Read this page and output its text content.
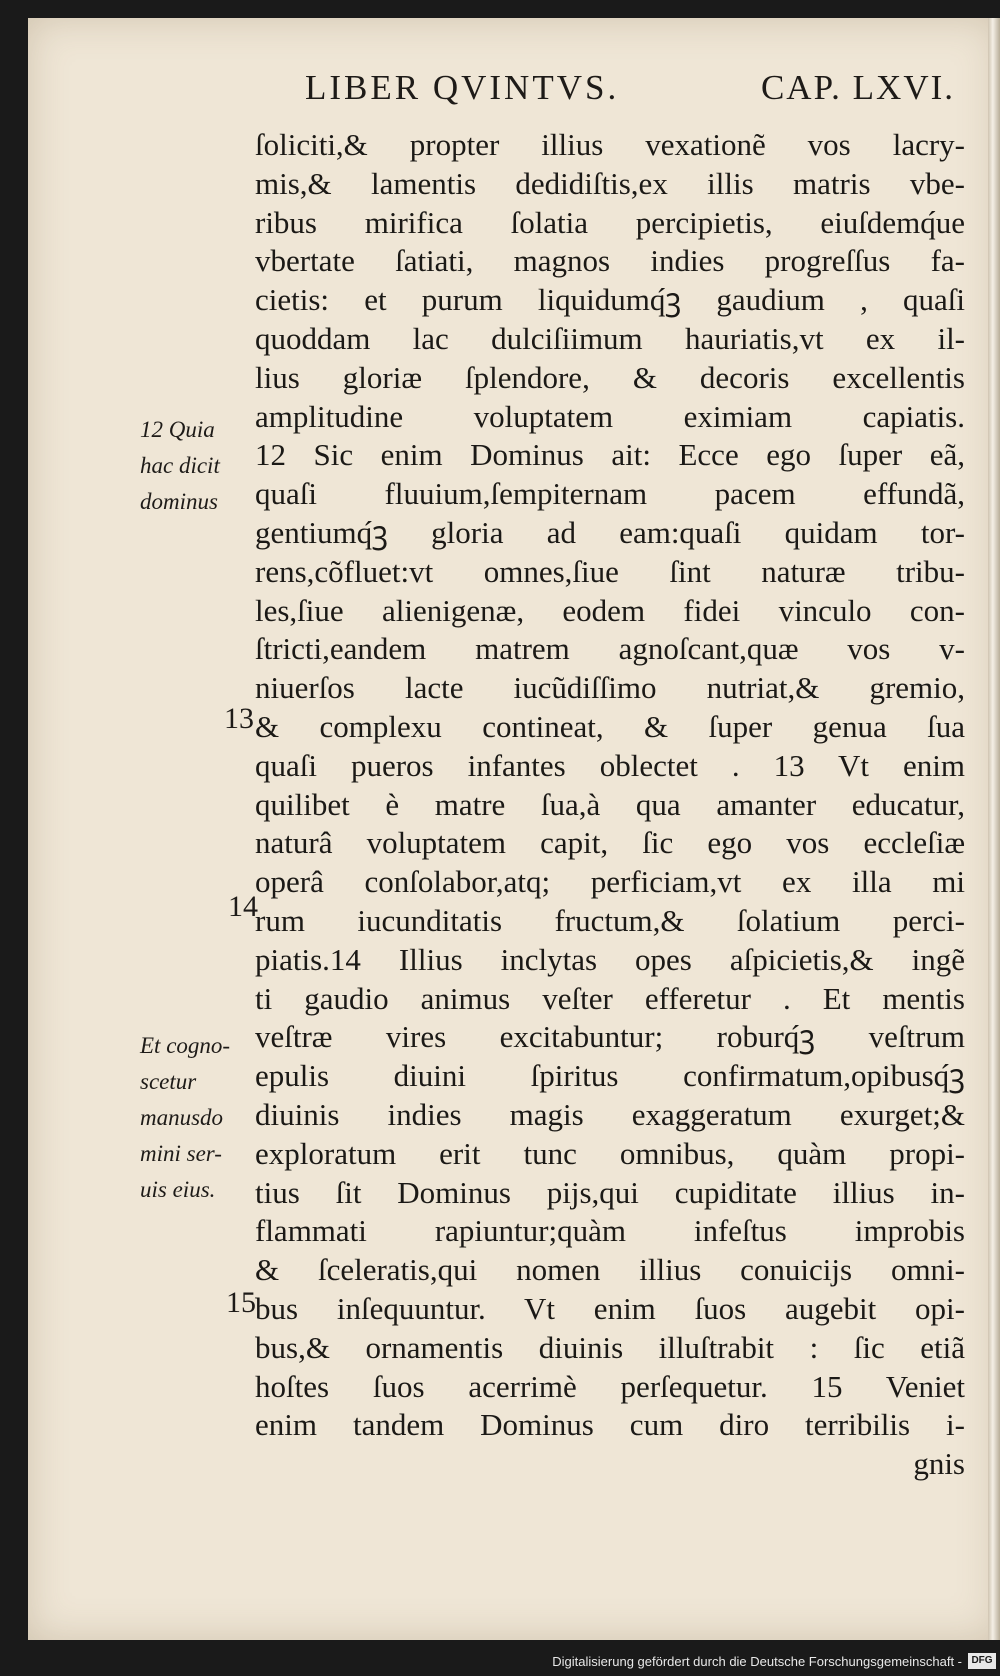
LIBER QVINTVS.	CAP. LXVI.
12 Quia
hac dicit
dominus
Et cogno-
scetur
manusdo
mini ser-
uis eius.
13
14
15
ſoliciti,& propter illius vexationẽ vos lacry-
mis,& lamentis dedidiſtis,ex illis matris vbe-
ribus mirifica ſolatia percipietis, eiuſdemq́ue
vbertate ſatiati, magnos indies progreſſus fa-
cietis: et purum liquidumq́ꝫ gaudium , quaſi
quoddam lac dulciſiimum hauriatis,vt ex il-
lius gloriæ ſplendore, & decoris excellentis
amplitudine voluptatem eximiam capiatis.
12 Sic enim Dominus ait: Ecce ego ſuper eã,
quaſi fluuium,ſempiternam pacem effundã,
gentiumq́ꝫ gloria ad eam:quaſi quidam tor-
rens,cõfluet:vt omnes,ſiue ſint naturæ tribu-
les,ſiue alienigenæ, eodem fidei vinculo con-
ſtricti,eandem matrem agnoſcant,quæ vos v-
niuerſos lacte iucũdiſſimo nutriat,& gremio,
& complexu contineat, & ſuper genua ſua
quaſi pueros infantes oblectet . 13 Vt enim
quilibet è matre ſua,à qua amanter educatur,
naturâ voluptatem capit, ſic ego vos eccleſiæ
operâ conſolabor,atq; perficiam,vt ex illa mi
rum iucunditatis fructum,& ſolatium perci-
piatis.14 Illius inclytas opes aſpicietis,& ingẽ
ti gaudio animus veſter efferetur . Et mentis
veſtræ vires excitabuntur; roburq́ꝫ veſtrum
epulis diuini ſpiritus confirmatum,opibusq́ꝫ
diuinis indies magis exaggeratum exurget;&
exploratum erit tunc omnibus, quàm propi-
tius ſit Dominus pijs,qui cupiditate illius in-
flammati rapiuntur;quàm infeſtus improbis
& ſceleratis,qui nomen illius conuicijs omni-
bus inſequuntur. Vt enim ſuos augebit opi-
bus,& ornamentis diuinis illuſtrabit : ſic etiã
hoſtes ſuos acerrimè perſequetur. 15 Veniet
enim tandem Dominus cum diro terribilis i-
gnis
Digitalisierung gefördert durch die Deutsche Forschungsgemeinschaft - DFG
